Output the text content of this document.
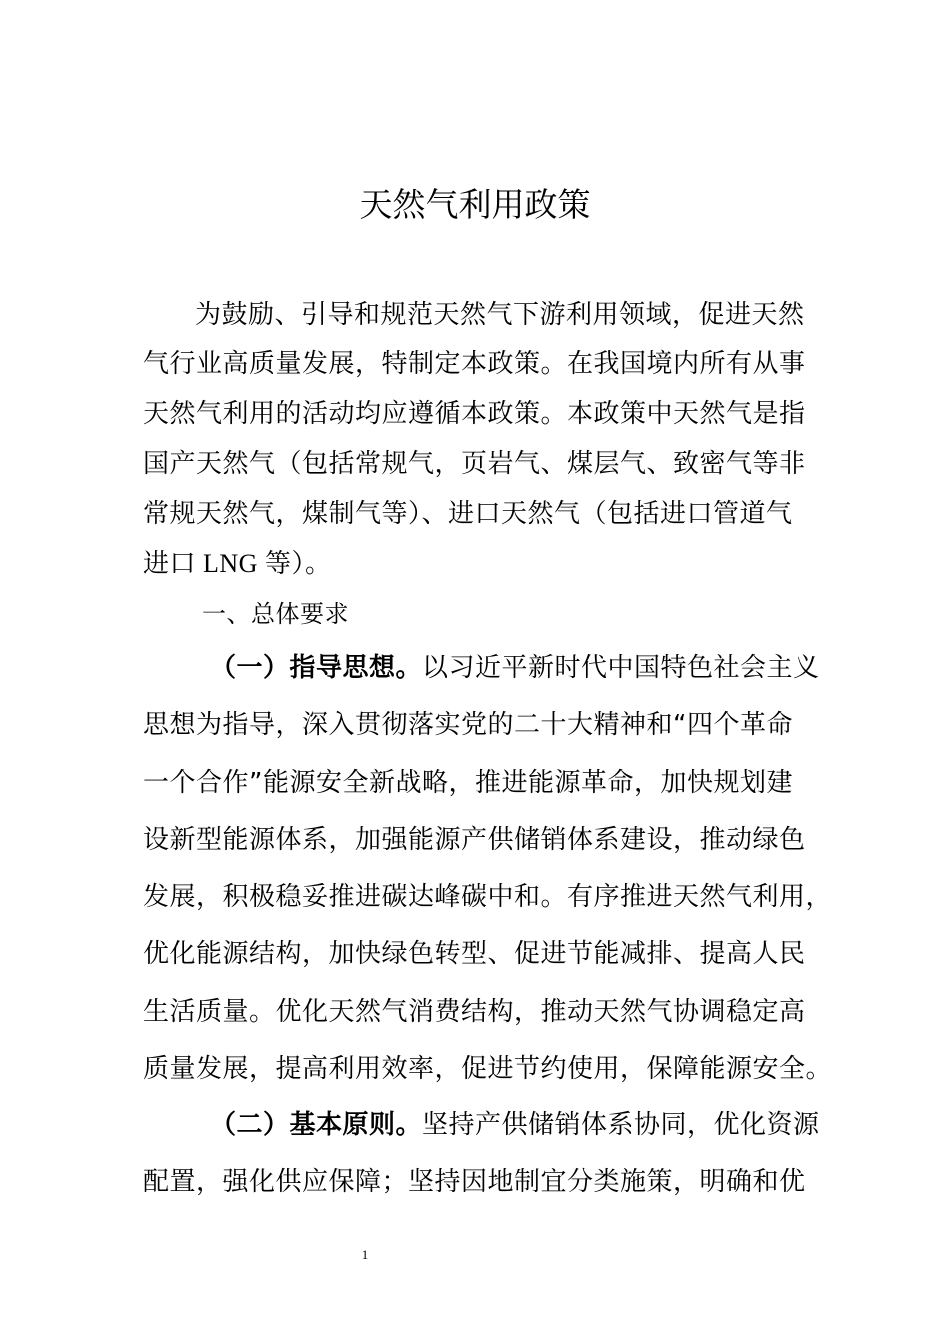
天然气利用政策
为鼓励、引导和规范天然气下游利用领域，促进天然
气行业高质量发展，特制定本政策。在我国境内所有从事
天然气利用的活动均应遵循本政策。本政策中天然气是指
国产天然气（包括常规气，页岩气、煤层气、致密气等非
常规天然气，煤制气等）、进口天然气（包括进口管道气
进口 LNG 等）。
一、总体要求
（一）指导思想。以习近平新时代中国特色社会主义
思想为指导，深入贯彻落实党的二十大精神和“四个革命
一个合作”能源安全新战略，推进能源革命，加快规划建
设新型能源体系，加强能源产供储销体系建设，推动绿色
发展，积极稳妥推进碳达峰碳中和。有序推进天然气利用，
优化能源结构，加快绿色转型、促进节能减排、提高人民
生活质量。优化天然气消费结构，推动天然气协调稳定高
质量发展，提高利用效率，促进节约使用，保障能源安全。
（二）基本原则。坚持产供储销体系协同，优化资源
配置，强化供应保障；坚持因地制宜分类施策，明确和优
1
